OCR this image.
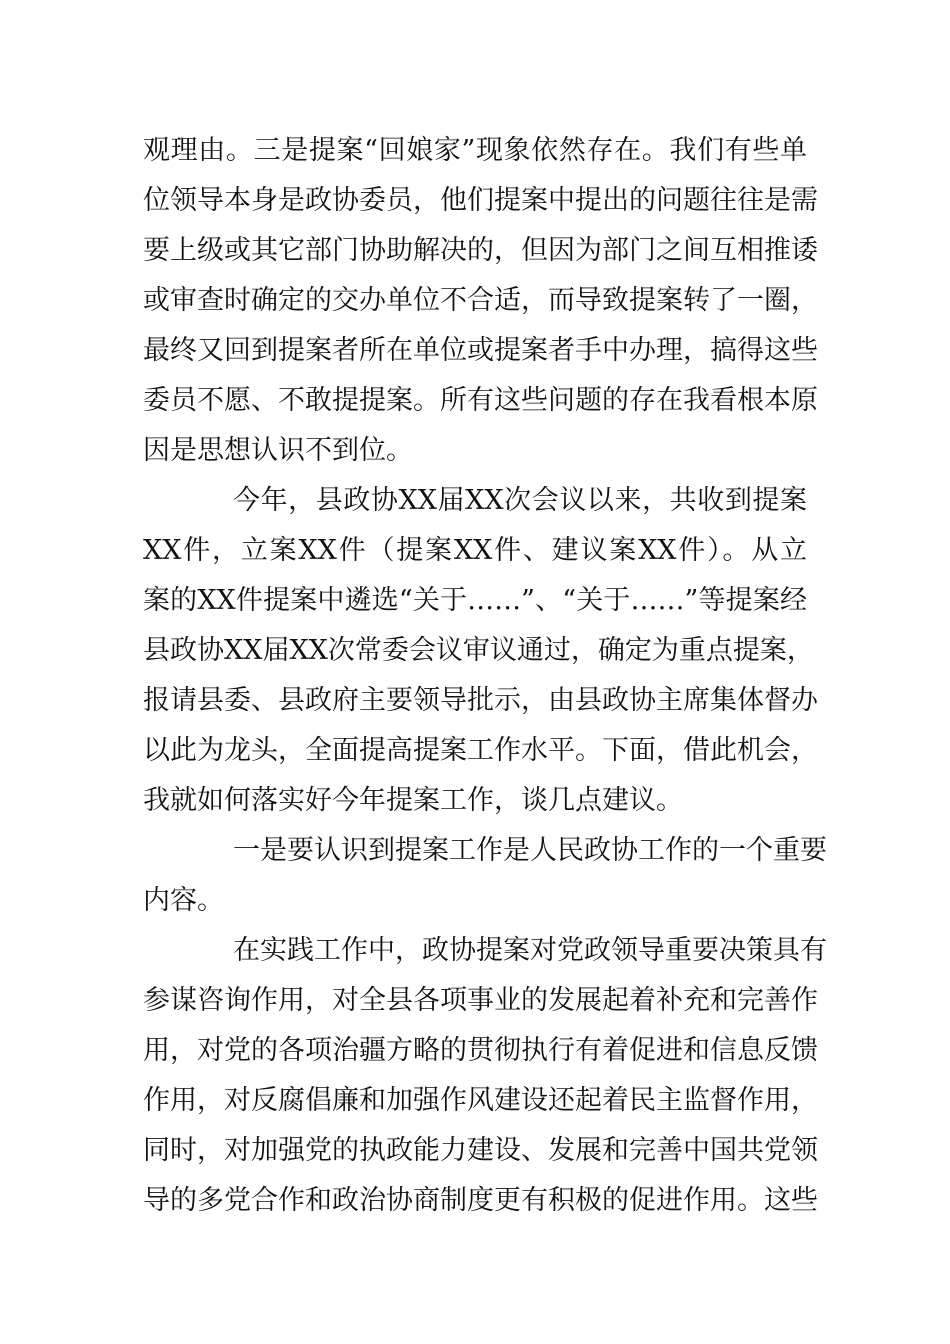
观理由。三是提案“回娘家”现象依然存在。我们有些单
位领导本身是政协委员，他们提案中提出的问题往往是需
要上级或其它部门协助解决的，但因为部门之间互相推诿
或审查时确定的交办单位不合适，而导致提案转了一圈，
最终又回到提案者所在单位或提案者手中办理，搞得这些
委员不愿、不敢提提案。所有这些问题的存在我看根本原
因是思想认识不到位。
今年，县政协XX届XX次会议以来，共收到提案
XX件，立案XX件（提案XX件、建议案XX件）。从立
案的XX件提案中遴选“关于……”、“关于……”等提案经
县政协XX届XX次常委会议审议通过，确定为重点提案，
报请县委、县政府主要领导批示，由县政协主席集体督办
以此为龙头，全面提高提案工作水平。下面，借此机会，
我就如何落实好今年提案工作，谈几点建议。
一是要认识到提案工作是人民政协工作的一个重要
内容。
在实践工作中，政协提案对党政领导重要决策具有
参谋咨询作用，对全县各项事业的发展起着补充和完善作
用，对党的各项治疆方略的贯彻执行有着促进和信息反馈
作用，对反腐倡廉和加强作风建设还起着民主监督作用，
同时，对加强党的执政能力建设、发展和完善中国共党领
导的多党合作和政治协商制度更有积极的促进作用。这些
